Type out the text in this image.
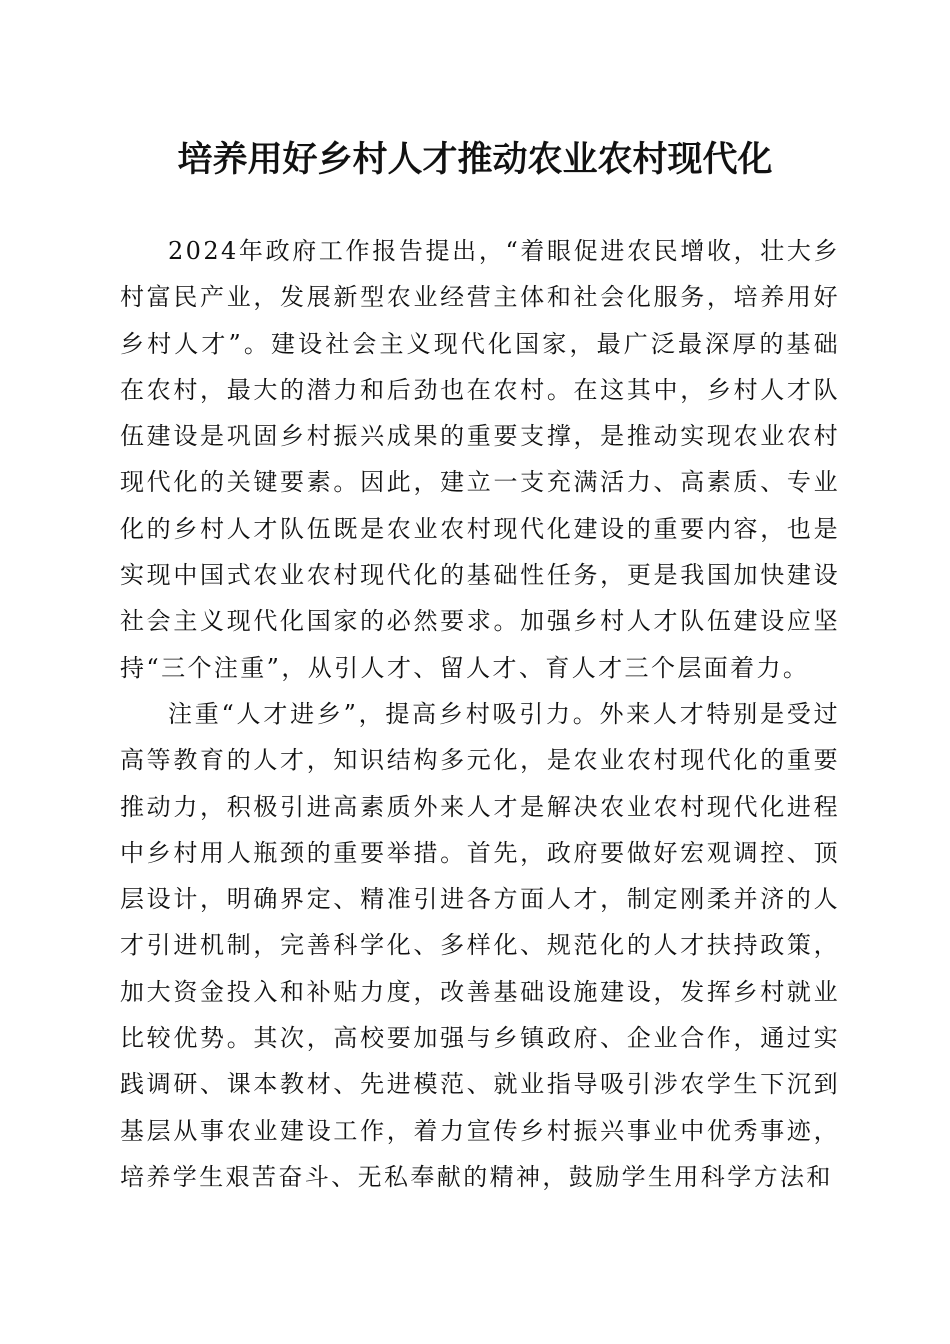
培养用好乡村人才推动农业农村现代化

2024年政府工作报告提出，“着眼促进农民增收，壮大乡村富民产业，发展新型农业经营主体和社会化服务，培养用好乡村人才”。建设社会主义现代化国家，最广泛最深厚的基础在农村，最大的潜力和后劲也在农村。在这其中，乡村人才队伍建设是巩固乡村振兴成果的重要支撑，是推动实现农业农村现代化的关键要素。因此，建立一支充满活力、高素质、专业化的乡村人才队伍既是农业农村现代化建设的重要内容，也是实现中国式农业农村现代化的基础性任务，更是我国加快建设社会主义现代化国家的必然要求。加强乡村人才队伍建设应坚持“三个注重”，从引人才、留人才、育人才三个层面着力。

注重“人才进乡”，提高乡村吸引力。外来人才特别是受过高等教育的人才，知识结构多元化，是农业农村现代化的重要推动力，积极引进高素质外来人才是解决农业农村现代化进程中乡村用人瓶颈的重要举措。首先，政府要做好宏观调控、顶层设计，明确界定、精准引进各方面人才，制定刚柔并济的人才引进机制，完善科学化、多样化、规范化的人才扶持政策，加大资金投入和补贴力度，改善基础设施建设，发挥乡村就业比较优势。其次，高校要加强与乡镇政府、企业合作，通过实践调研、课本教材、先进模范、就业指导吸引涉农学生下沉到基层从事农业建设工作，着力宣传乡村振兴事业中优秀事迹，培养学生艰苦奋斗、无私奉献的精神，鼓励学生用科学方法和
